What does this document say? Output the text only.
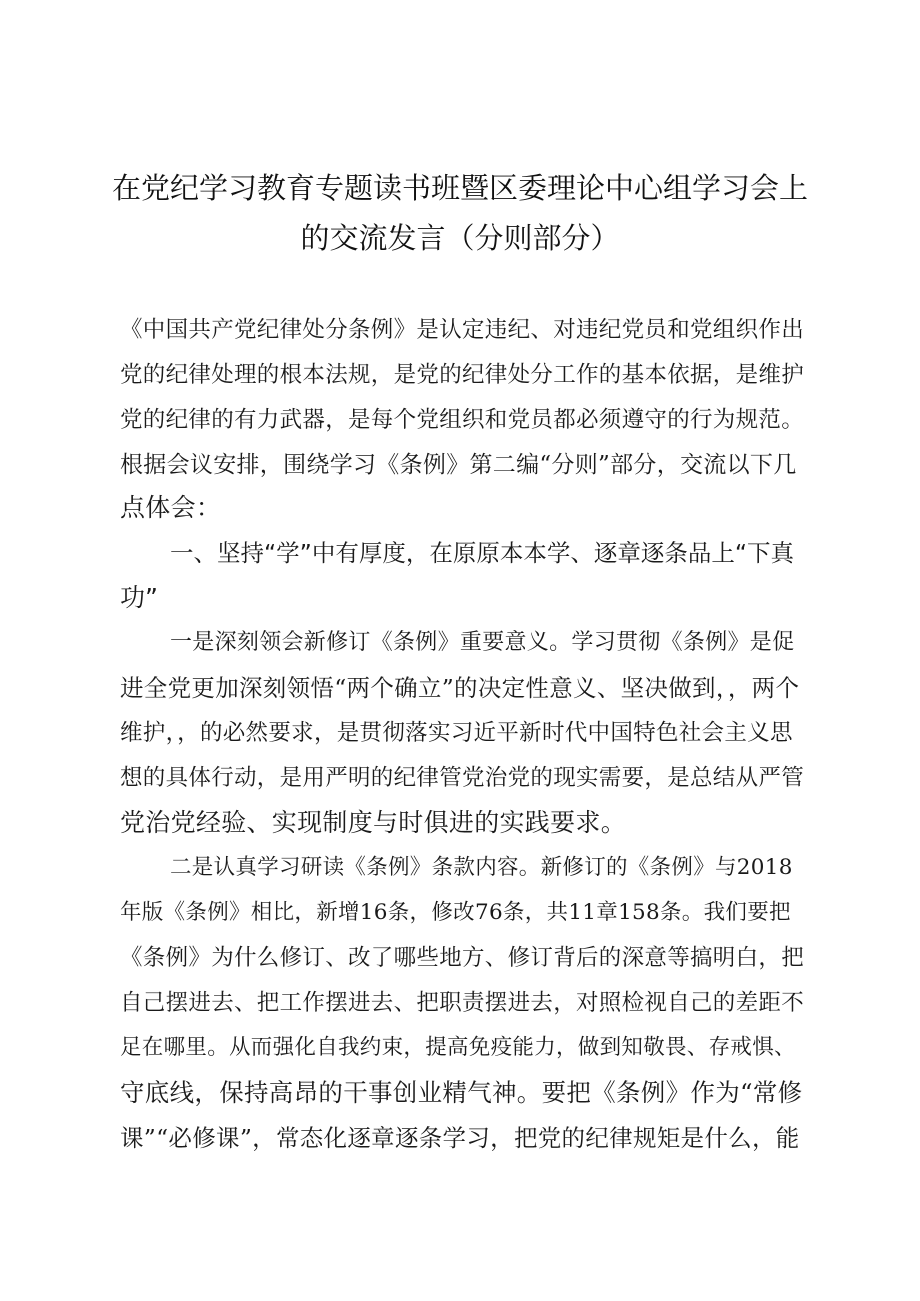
在党纪学习教育专题读书班暨区委理论中心组学习会上
的交流发言（分则部分）
《中国共产党纪律处分条例》是认定违纪、对违纪党员和党组织作出
党的纪律处理的根本法规，是党的纪律处分工作的基本依据，是维护
党的纪律的有力武器，是每个党组织和党员都必须遵守的行为规范。
根据会议安排，围绕学习《条例》第二编“分则”部分，交流以下几
点体会：
一、坚持“学”中有厚度，在原原本本学、逐章逐条品上“下真
功”
一是深刻领会新修订《条例》重要意义。学习贯彻《条例》是促
进全党更加深刻领悟“两个确立”的决定性意义、坚决做到，，两个
维护，，的必然要求，是贯彻落实习近平新时代中国特色社会主义思
想的具体行动，是用严明的纪律管党治党的现实需要，是总结从严管
党治党经验、实现制度与时俱进的实践要求。
二是认真学习研读《条例》条款内容。新修订的《条例》与2018
年版《条例》相比，新增16条，修改76条，共11章158条。我们要把
《条例》为什么修订、改了哪些地方、修订背后的深意等搞明白，把
自己摆进去、把工作摆进去、把职责摆进去，对照检视自己的差距不
足在哪里。从而强化自我约束，提高免疫能力，做到知敬畏、存戒惧、
守底线，保持高昂的干事创业精气神。要把《条例》作为“常修
课”“必修课”，常态化逐章逐条学习，把党的纪律规矩是什么，能
